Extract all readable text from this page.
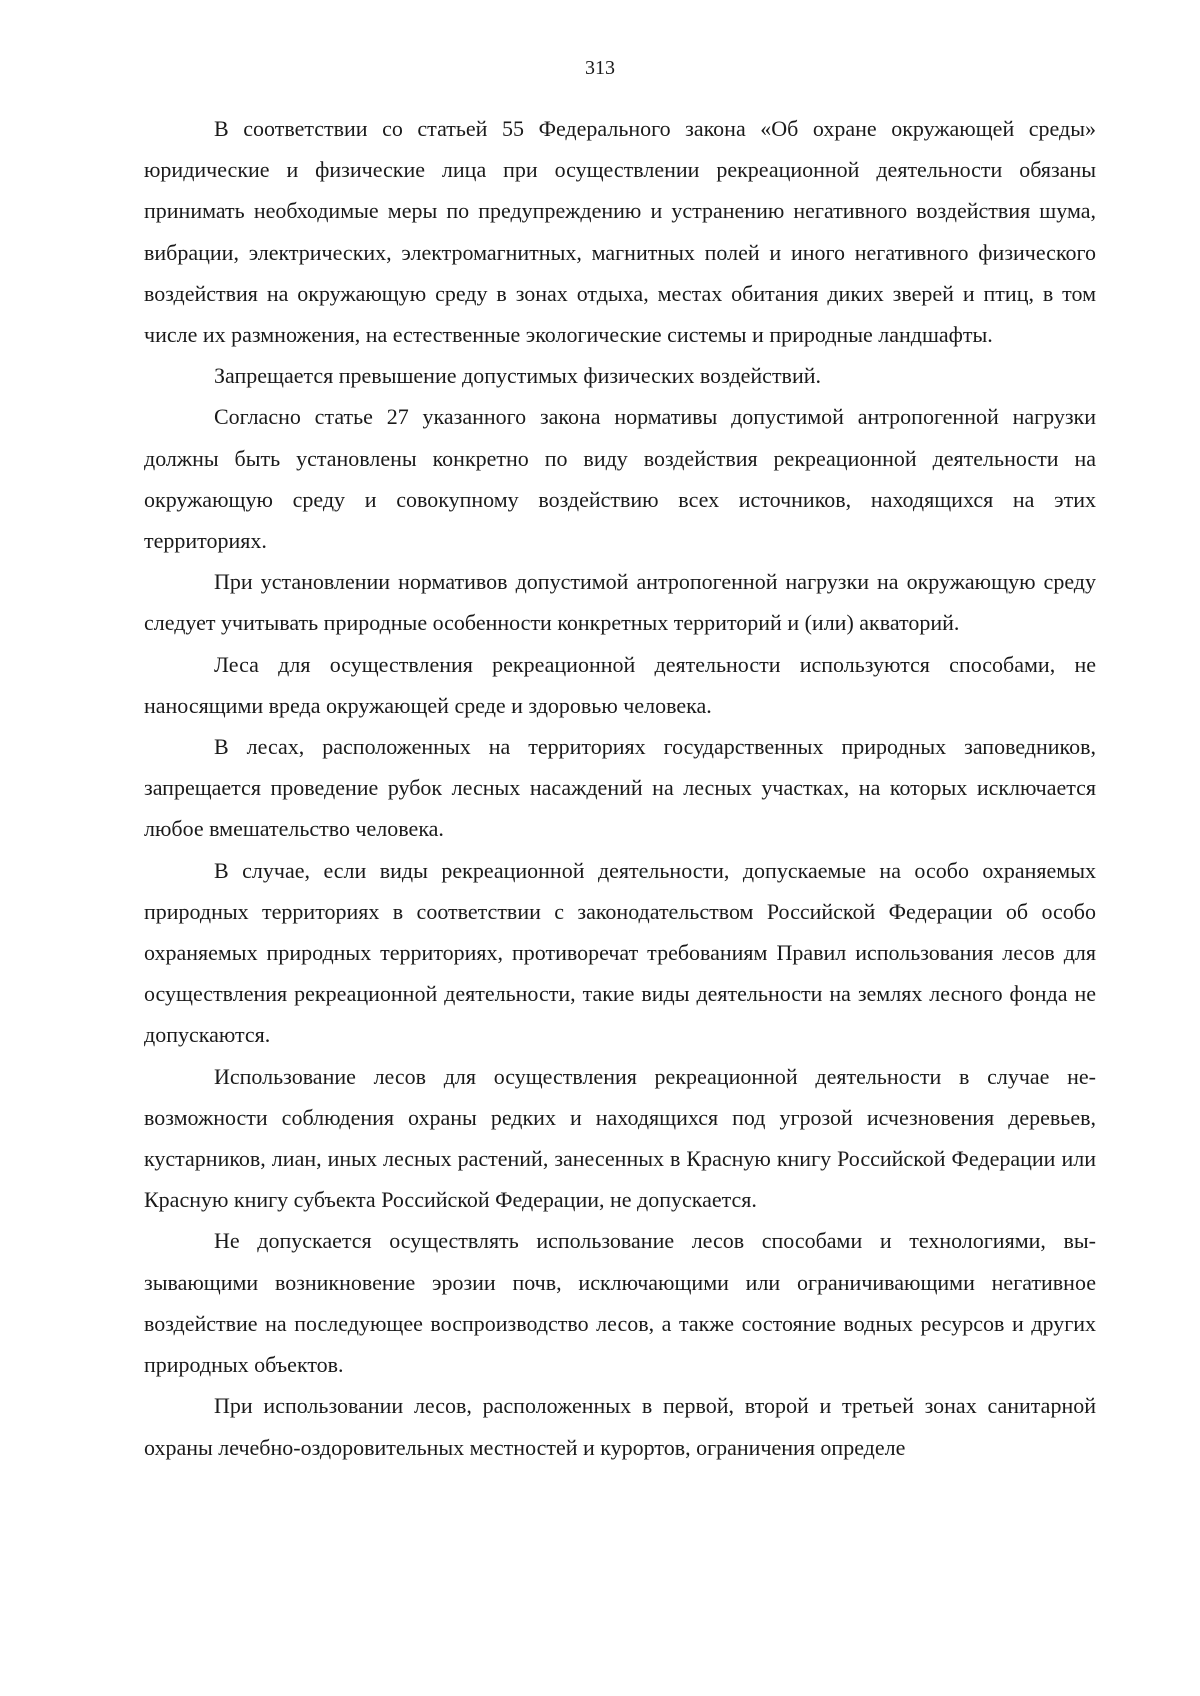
313

В соответствии со статьей 55 Федерального закона «Об охране окружающей среды» юридические и физические лица при осуществлении рекреационной деятельности обязаны принимать необходимые меры по предупреждению и устранению негативного воздействия шума, вибрации, электрических, электромагнитных, магнитных полей и иного негативного физического воздействия на окружающую среду в зонах отдыха, местах обитания диких зверей и птиц, в том числе их размножения, на естественные экологические системы и природные ландшафты.

Запрещается превышение допустимых физических воздействий.

Согласно статье 27 указанного закона нормативы допустимой антропогенной нагрузки должны быть установлены конкретно по виду воздействия рекреационной деятельности на окружающую среду и совокупному воздействию всех источников, находящихся на этих территориях.

При установлении нормативов допустимой антропогенной нагрузки на окружающую среду следует учитывать природные особенности конкретных территорий и (или) акваторий.

Леса для осуществления рекреационной деятельности используются способами, не наносящими вреда окружающей среде и здоровью человека.

В лесах, расположенных на территориях государственных природных заповедников, запрещается проведение рубок лесных насаждений на лесных участках, на которых исключается любое вмешательство человека.

В случае, если виды рекреационной деятельности, допускаемые на особо охраняемых природных территориях в соответствии с законодательством Российской Федерации об особо охраняемых природных территориях, противоречат требованиям Правил использования лесов для осуществления рекреационной деятельности, такие виды деятельности на землях лесного фонда не допускаются.

Использование лесов для осуществления рекреационной деятельности в случае невозможности соблюдения охраны редких и находящихся под угрозой исчезновения деревьев, кустарников, лиан, иных лесных растений, занесенных в Красную книгу Российской Федерации или Красную книгу субъекта Российской Федерации, не допускается.

Не допускается осуществлять использование лесов способами и технологиями, вызывающими возникновение эрозии почв, исключающими или ограничивающими негативное воздействие на последующее воспроизводство лесов, а также состояние водных ресурсов и других природных объектов.

При использовании лесов, расположенных в первой, второй и третьей зонах санитарной охраны лечебно-оздоровительных местностей и курортов, ограничения определе
